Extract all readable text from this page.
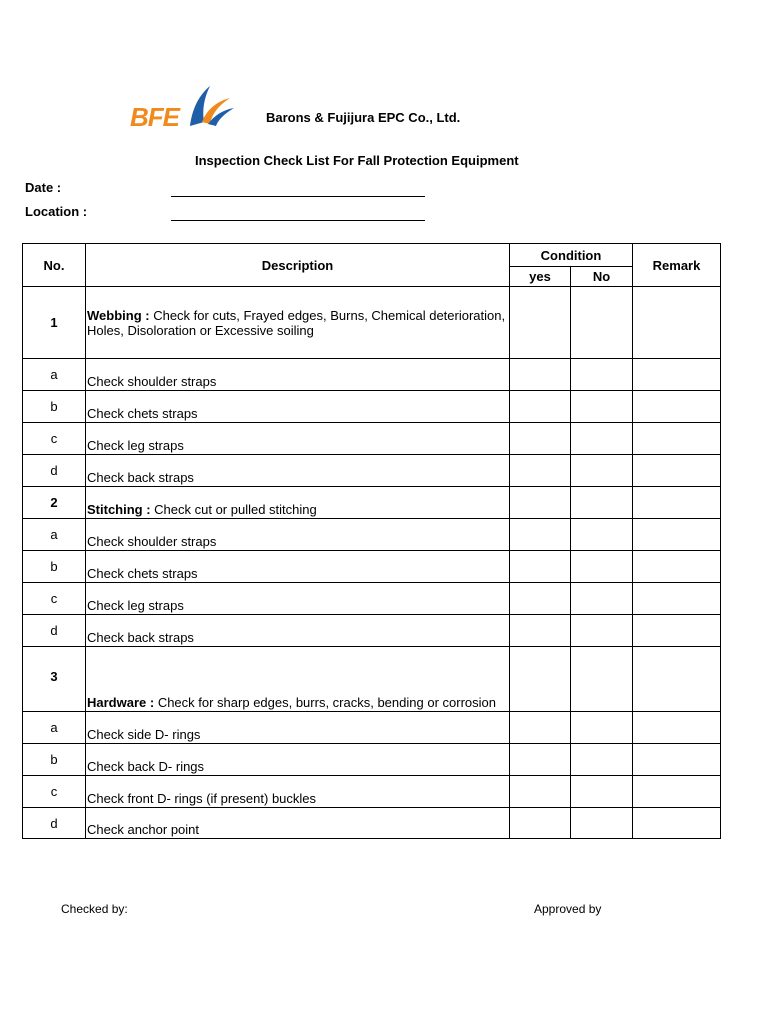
BFE	Barons & Fujijura EPC Co., Ltd.
Inspection Check List For Fall Protection Equipment
Date :
Location :
No.	Description	Condition		Remark
		yes	No	
1	Webbing : Check for cuts, Frayed edges, Burns, Chemical deterioration, Holes, Disoloration or Excessive soiling			
a	Check shoulder straps			
b	Check chets straps			
c	Check leg straps			
d	Check back straps			
2	Stitching : Check cut or pulled stitching			
a	Check shoulder straps			
b	Check chets straps			
c	Check leg straps			
d	Check back straps			
3	Hardware : Check for sharp edges, burrs, cracks, bending or corrosion			
a	Check side D- rings			
b	Check back D- rings			
c	Check front D- rings (if present) buckles			
d	Check anchor point			
Checked by:	Approved by
